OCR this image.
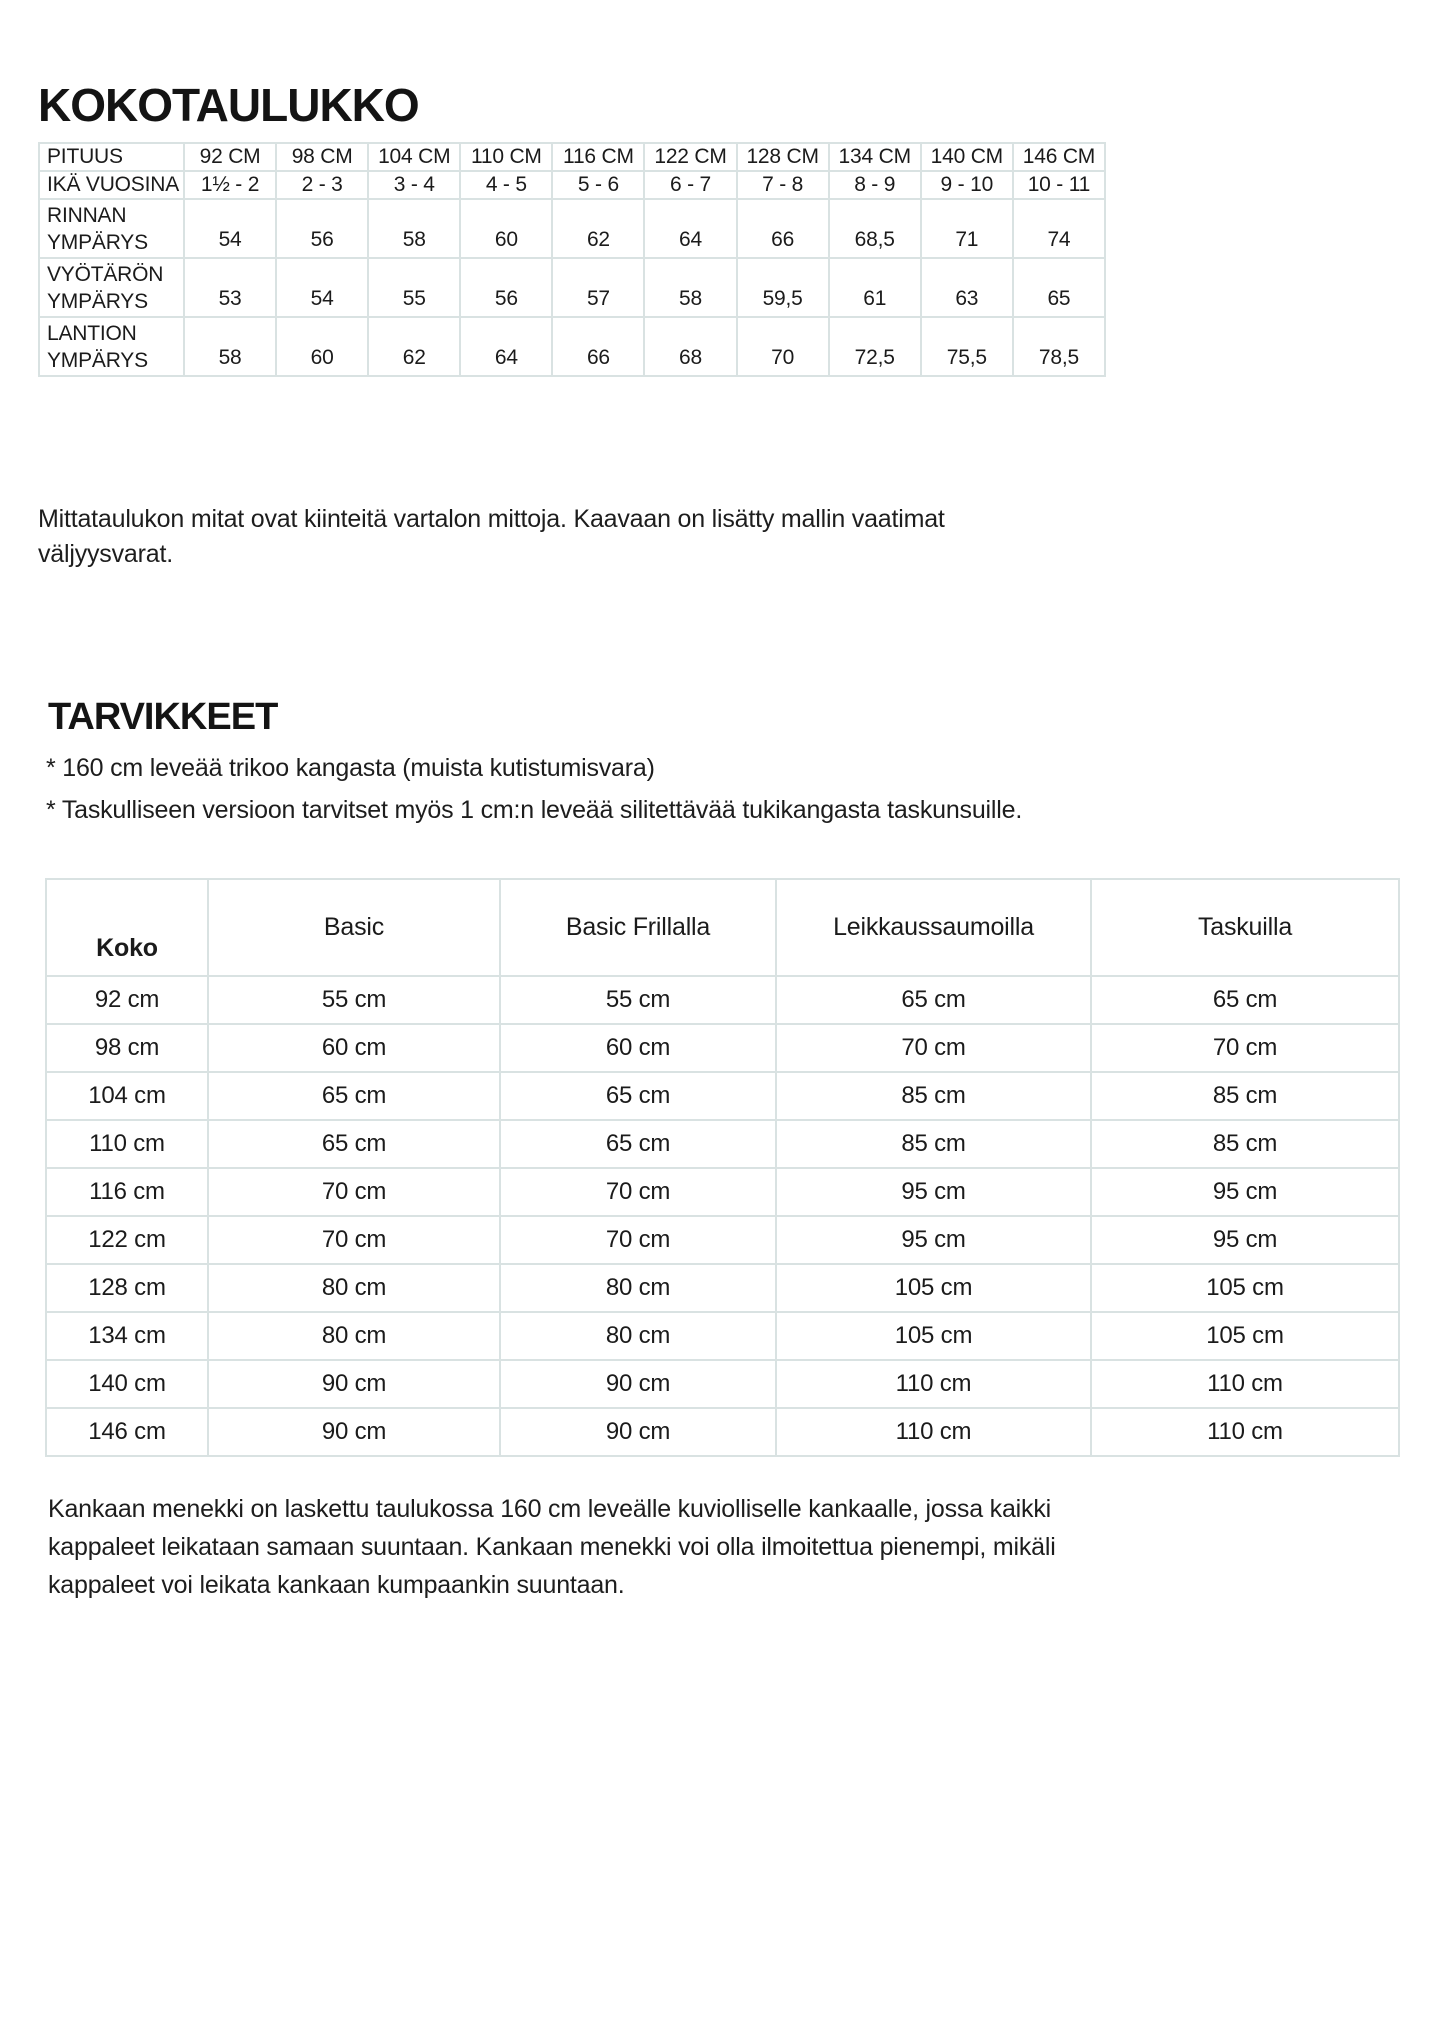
KOKOTAULUKKO
PITUUS	92 CM	98 CM	104 CM	110 CM	116 CM	122 CM	128 CM	134 CM	140 CM	146 CM

IKÄ VUOSINA	1½ - 2	2 - 3	3 - 4	4 - 5	5 - 6	6 - 7	7 - 8	8 - 9	9 - 10	10 - 11

RINNAN
YMPÄRYS	54	56	58	60	62	64	66	68,5	71	74

VYÖTÄRÖN
YMPÄRYS	53	54	55	56	57	58	59,5	61	63	65

LANTION
YMPÄRYS	58	60	62	64	66	68	70	72,5	75,5	78,5

Mittataulukon mitat ovat kiinteitä vartalon mittoja. Kaavaan on lisätty mallin vaatimat väljyysvarat.

TARVIKKEET

* 160 cm leveää trikoo kangasta (muista kutistumisvara)

* Taskulliseen versioon tarvitset myös 1 cm:n leveää silitettävää tukikangasta taskunsuille.

Koko	Basic	Basic Frillalla	Leikkaussaumoilla	Taskuilla
92 cm	55 cm	55 cm	65 cm	65 cm
98 cm	60 cm	60 cm	70 cm	70 cm
104 cm	65 cm	65 cm	85 cm	85 cm
110 cm	65 cm	65 cm	85 cm	85 cm
116 cm	70 cm	70 cm	95 cm	95 cm
122 cm	70 cm	70 cm	95 cm	95 cm
128 cm	80 cm	80 cm	105 cm	105 cm
134 cm	80 cm	80 cm	105 cm	105 cm
140 cm	90 cm	90 cm	110 cm	110 cm
146 cm	90 cm	90 cm	110 cm	110 cm

Kankaan menekki on laskettu taulukossa 160 cm leveälle kuviolliselle kankaalle, jossa kaikki kappaleet leikataan samaan suuntaan. Kankaan menekki voi olla ilmoitettua pienempi, mikäli kappaleet voi leikata kankaan kumpaankin suuntaan.
